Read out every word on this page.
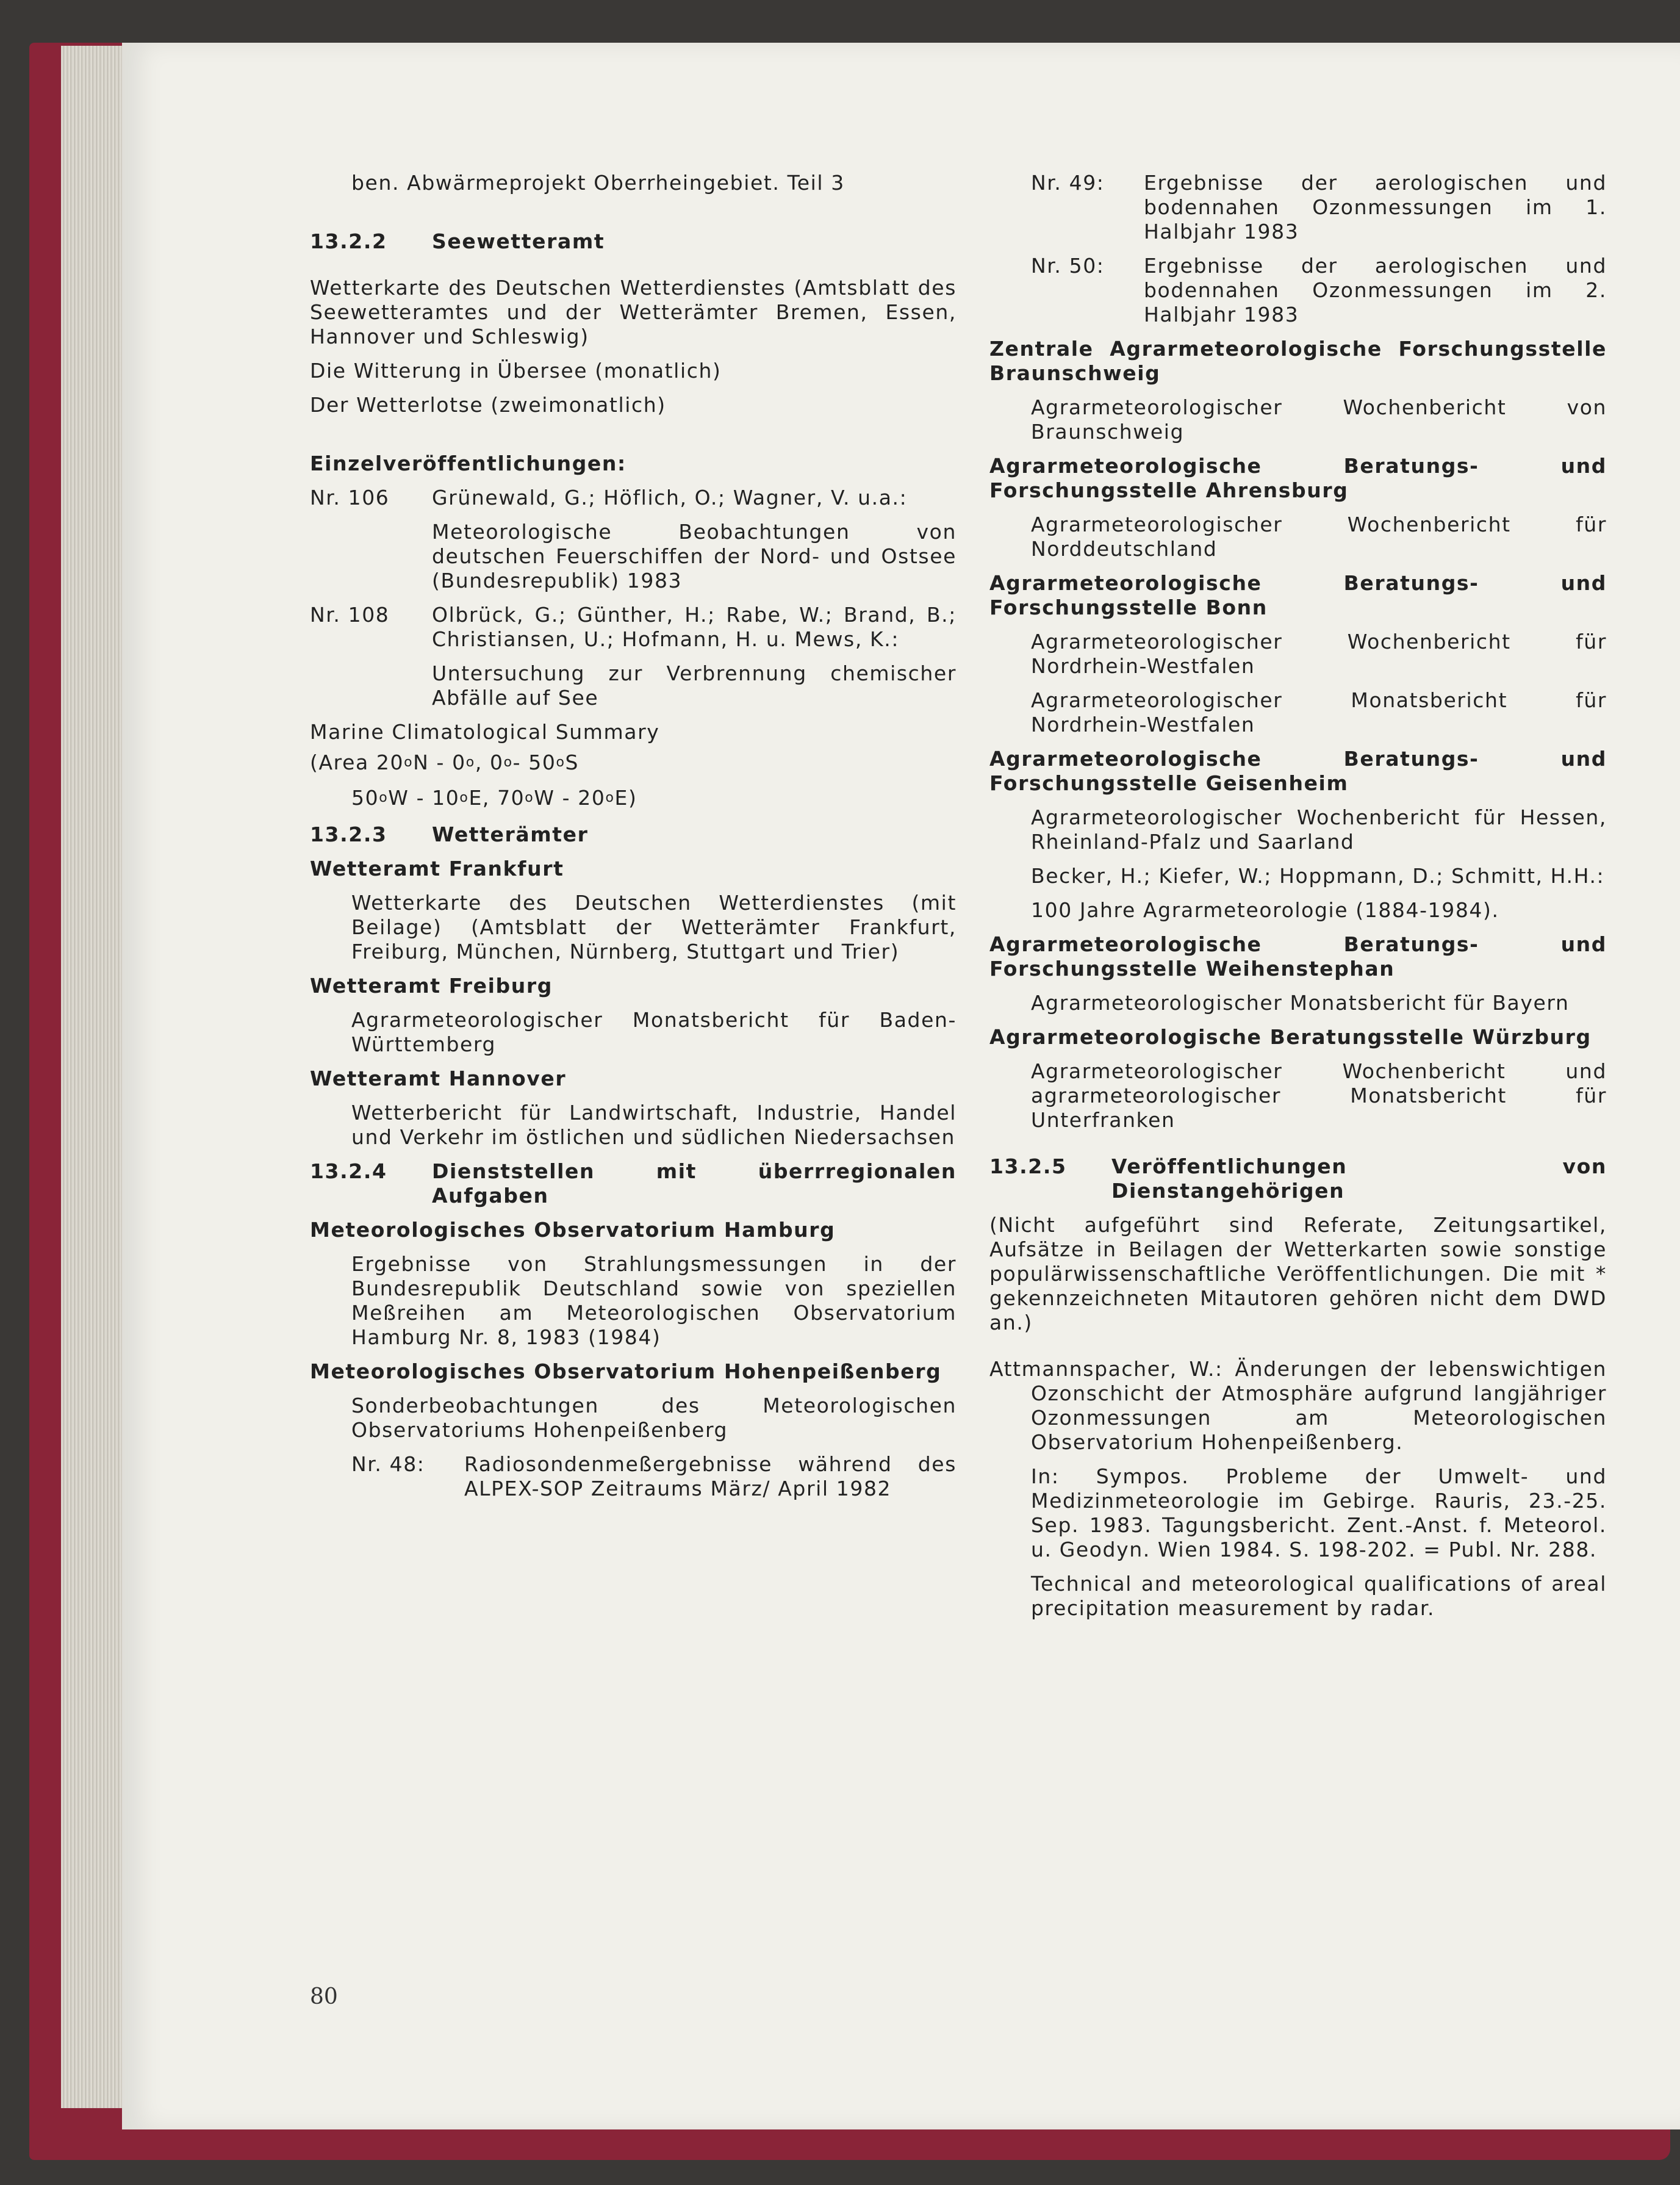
ben. Abwärmeprojekt Oberrheingebiet. Teil 3
13.2.2	Seewetteramt
Wetterkarte des Deutschen Wetterdienstes (Amtsblatt des Seewetteramtes und der Wetterämter Bremen, Essen, Hannover und Schleswig)
Die Witterung in Übersee (monatlich)
Der Wetterlotse (zweimonatlich)
Einzelveröffentlichungen:
Nr. 106	Grünewald, G.; Höflich, O.; Wagner, V. u.a.:
Meteorologische Beobachtungen von deutschen Feuerschiffen der Nord- und Ostsee (Bundesrepublik) 1983
Nr. 108	Olbrück, G.; Günther, H.; Rabe, W.; Brand, B.; Christiansen, U.; Hofmann, H. u. Mews, K.:
Untersuchung zur Verbrennung chemischer Abfälle auf See
Marine Climatological Summary
(Area 20 o N - 0 o , 0 o - 50 o S
50 o W - 10 o E, 70 o W - 20 o E)
13.2.3	Wetterämter
Wetteramt Frankfurt
Wetterkarte des Deutschen Wetterdienstes (mit Beilage) (Amtsblatt der Wetterämter Frankfurt, Freiburg, München, Nürnberg, Stuttgart und Trier)
Wetteramt Freiburg
Agrarmeteorologischer Monatsbericht für Baden-Württemberg
Wetteramt Hannover
Wetterbericht für Landwirtschaft, Industrie, Handel und Verkehr im östlichen und südlichen Niedersachsen
13.2.4	Dienststellen mit überrregionalen Aufgaben
Meteorologisches Observatorium Hamburg
Ergebnisse von Strahlungsmessungen in der Bundesrepublik Deutschland sowie von speziellen Meßreihen am Meteorologischen Observatorium Hamburg Nr. 8, 1983 (1984)
Meteorologisches Observatorium Hohenpeißenberg
Sonderbeobachtungen des Meteorologischen Observatoriums Hohenpeißenberg
Nr. 48:	Radiosondenmeßergebnisse während des ALPEX-SOP Zeitraums März/ April 1982
Nr. 49:	Ergebnisse der aerologischen und bodennahen Ozonmessungen im 1. Halbjahr 1983
Nr. 50:	Ergebnisse der aerologischen und bodennahen Ozonmessungen im 2. Halbjahr 1983
Zentrale Agrarmeteorologische Forschungsstelle Braunschweig
Agrarmeteorologischer Wochenbericht von Braunschweig
Agrarmeteorologische Beratungs- und Forschungsstelle Ahrensburg
Agrarmeteorologischer Wochenbericht für Norddeutschland
Agrarmeteorologische Beratungs- und Forschungsstelle Bonn
Agrarmeteorologischer Wochenbericht für Nordrhein-Westfalen
Agrarmeteorologischer Monatsbericht für Nordrhein-Westfalen
Agrarmeteorologische Beratungs- und Forschungsstelle Geisenheim
Agrarmeteorologischer Wochenbericht für Hessen, Rheinland-Pfalz und Saarland
Becker, H.; Kiefer, W.; Hoppmann, D.; Schmitt, H.H.:
100 Jahre Agrarmeteorologie (1884-1984).
Agrarmeteorologische Beratungs- und Forschungsstelle Weihenstephan
Agrarmeteorologischer Monatsbericht für Bayern
Agrarmeteorologische Beratungsstelle Würzburg
Agrarmeteorologischer Wochenbericht und agrarmeteorologischer Monatsbericht für Unterfranken
13.2.5	Veröffentlichungen von Dienstangehörigen
(Nicht aufgeführt sind Referate, Zeitungsartikel, Aufsätze in Beilagen der Wetterkarten sowie sonstige populärwissenschaftliche Veröffentlichungen. Die mit * gekennzeichneten Mitautoren gehören nicht dem DWD an.)
Attmannspacher, W.: Änderungen der lebenswichtigen Ozonschicht der Atmosphäre aufgrund langjähriger Ozonmessungen am Meteorologischen Observatorium Hohenpeißenberg.
In: Sympos. Probleme der Umwelt- und Medizinmeteorologie im Gebirge. Rauris, 23.-25. Sep. 1983. Tagungsbericht. Zent.-Anst. f. Meteorol. u. Geodyn. Wien 1984. S. 198-202. = Publ. Nr. 288.
Technical and meteorological qualifications of areal precipitation measurement by radar.
80
